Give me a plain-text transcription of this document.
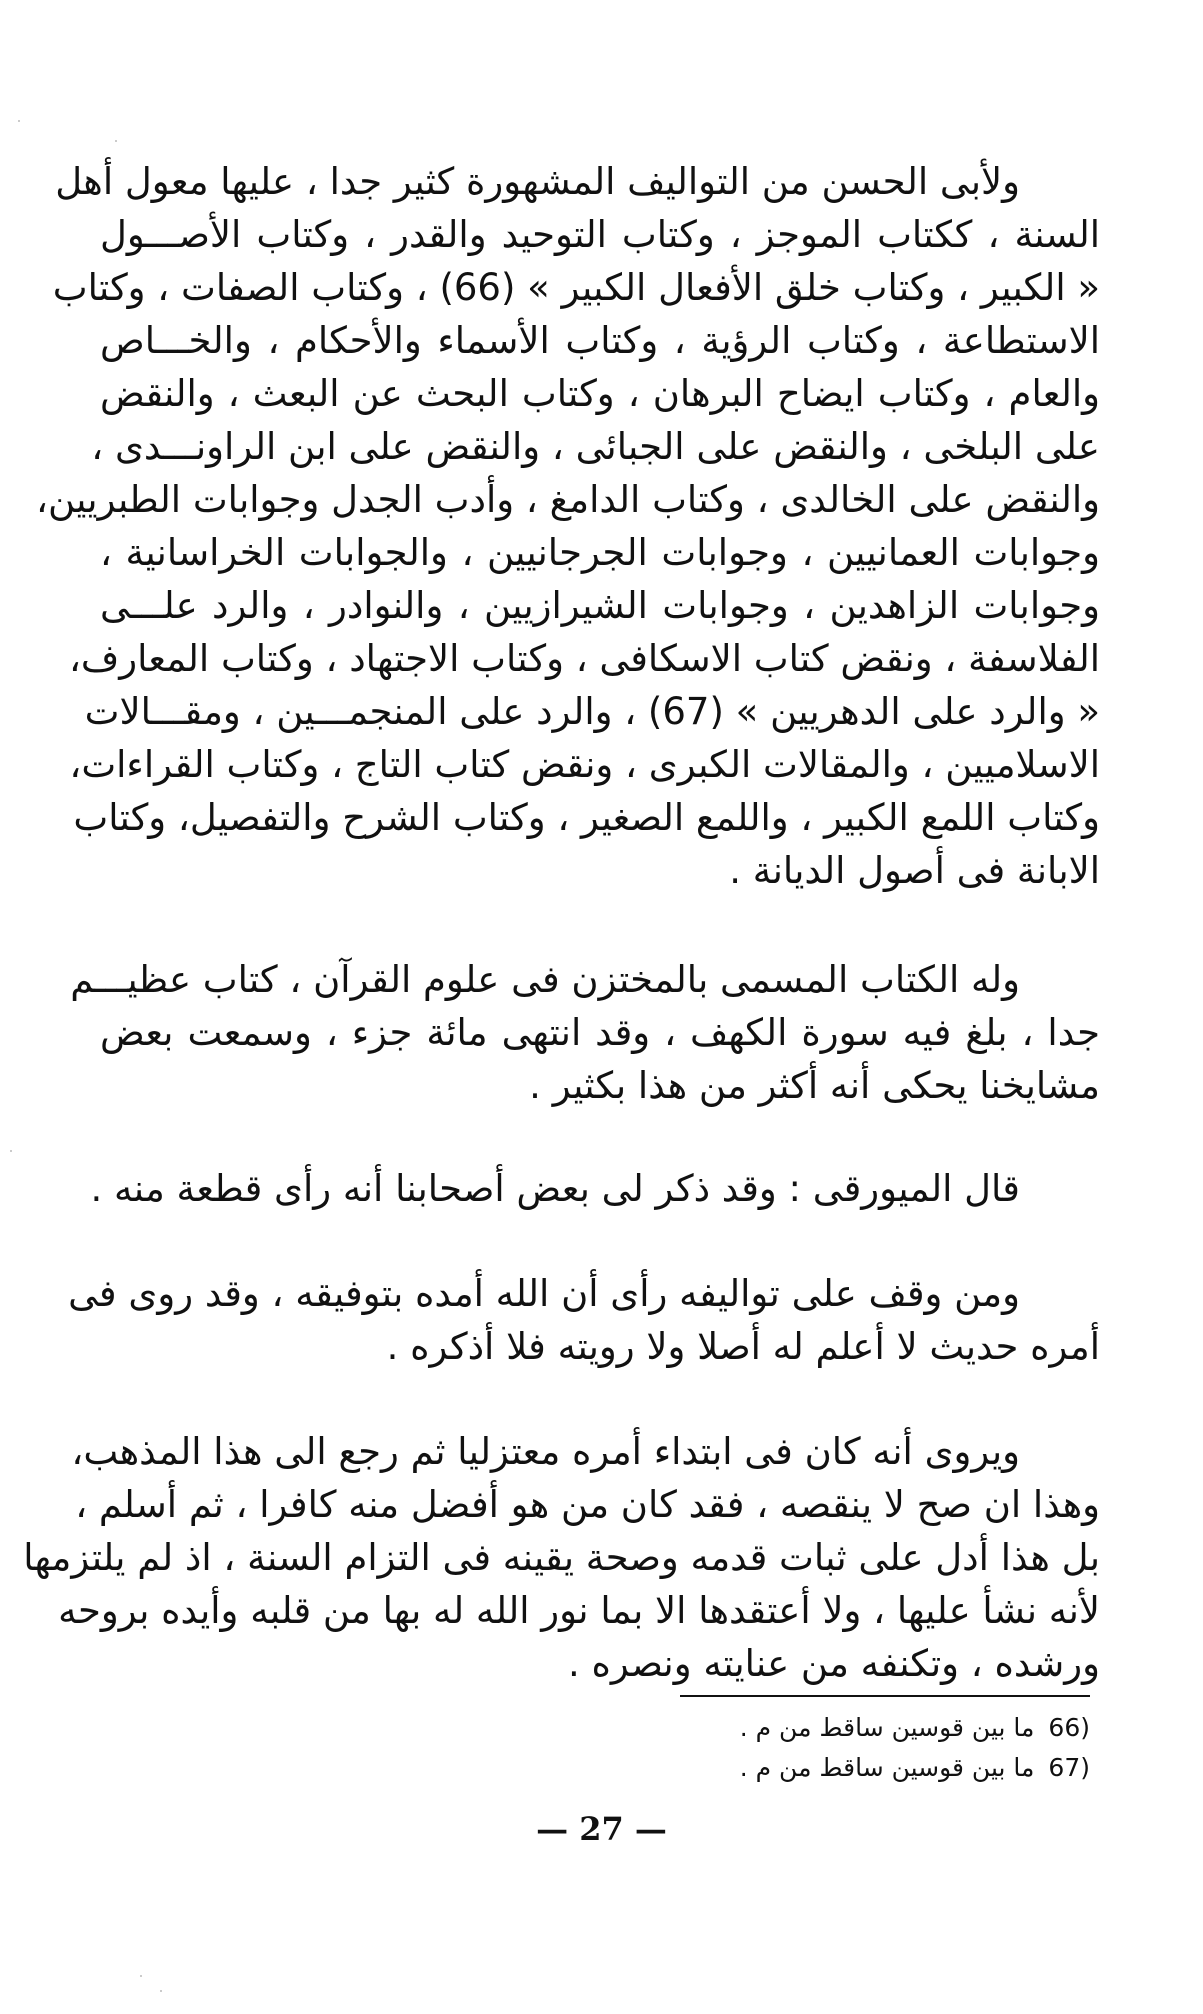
ولأبى الحسن من التواليف المشهورة كثير جدا ، عليها معول أهل
السنة ، ككتاب الموجز ، وكتاب التوحيد والقدر ، وكتاب الأصـــول
« الكبير ، وكتاب خلق الأفعال الكبير » (66) ، وكتاب الصفات ، وكتاب
الاستطاعة ، وكتاب الرؤية ، وكتاب الأسماء والأحكام ، والخـــاص
والعام ، وكتاب ايضاح البرهان ، وكتاب البحث عن البعث ، والنقض
على البلخى ، والنقض على الجبائى ، والنقض على ابن الراونـــدى ،
والنقض على الخالدى ، وكتاب الدامغ ، وأدب الجدل وجوابات الطبريين،
وجوابات العمانيين ، وجوابات الجرجانيين ، والجوابات الخراسانية ،
وجوابات الزاهدين ، وجوابات الشيرازيين ، والنوادر ، والرد علـــى
الفلاسفة ، ونقض كتاب الاسكافى ، وكتاب الاجتهاد ، وكتاب المعارف،
« والرد على الدهريين » (67) ، والرد على المنجمـــين ، ومقـــالات
الاسلاميين ، والمقالات الكبرى ، ونقض كتاب التاج ، وكتاب القراءات،
وكتاب اللمع الكبير ، واللمع الصغير ، وكتاب الشرح والتفصيل، وكتاب
الابانة فى أصول الديانة .
وله الكتاب المسمى بالمختزن فى علوم القرآن ، كتاب عظيـــم
جدا ، بلغ فيه سورة الكهف ، وقد انتهى مائة جزء ، وسمعت بعض
مشايخنا يحكى أنه أكثر من هذا بكثير .
قال الميورقى : وقد ذكر لى بعض أصحابنا أنه رأى قطعة منه .
ومن وقف على تواليفه رأى أن الله أمده بتوفيقه ، وقد روى فى
أمره حديث لا أعلم له أصلا ولا رويته فلا أذكره .
ويروى أنه كان فى ابتداء أمره معتزليا ثم رجع الى هذا المذهب،
وهذا ان صح لا ينقصه ، فقد كان من هو أفضل منه كافرا ، ثم أسلم ،
بل هذا أدل على ثبات قدمه وصحة يقينه فى التزام السنة ، اذ لم يلتزمها
لأنه نشأ عليها ، ولا أعتقدها الا بما نور الله له بها من قلبه وأيده بروحه
ورشده ، وتكنفه من عنايته ونصره .
66)
ما بين قوسين ساقط من م .
67)
ما بين قوسين ساقط من م .
— 27 —
